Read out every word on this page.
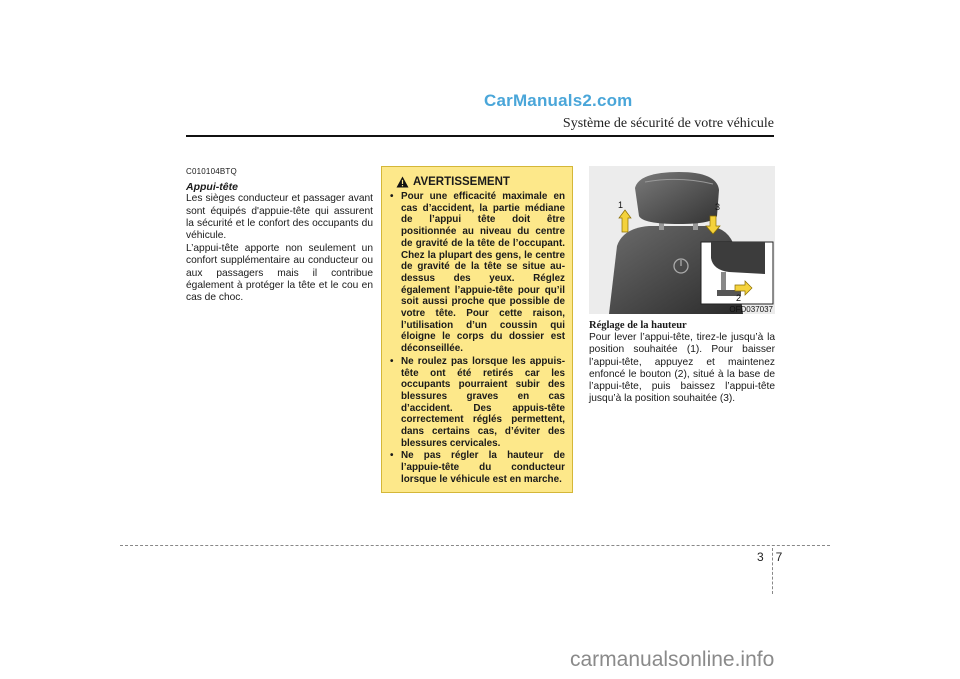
CarManuals2.com
Système de sécurité de votre véhicule
C010104BTQ
Appui-tête

Les sièges conducteur et passager avant sont équipés d'appuie-tête qui assurent la sécurité et le confort des occupants du véhicule.

L’appui-tête apporte non seulement un confort supplémentaire au conducteur ou aux passagers mais il contribue également à protéger la tête et le cou en cas de choc.

AVERTISSEMENT
• Pour une efficacité maximale en cas d’accident, la partie médiane de l’appui tête doit être positionnée au niveau du centre de gravité de la tête de l’occupant. Chez la plupart des gens, le centre de gravité de la tête se situe au-dessus des yeux. Réglez également l’appuie-tête pour qu’il soit aussi proche que possible de votre tête. Pour cette raison, l’utilisation d’un coussin qui éloigne le corps du dossier est déconseillée.
• Ne roulez pas lorsque les appuis-tête ont été retirés car les occupants pourraient subir des blessures graves en cas d’accident. Des appuis-tête correctement réglés permettent, dans certains cas, d’éviter des blessures cervicales.
• Ne pas régler la hauteur de l’appuie-tête du conducteur lorsque le véhicule est en marche.
1
2
3
OFD037037
Réglage de la hauteur
Pour lever l’appui-tête, tirez-le jusqu’à la position souhaitée (1). Pour baisser l’appui-tête, appuyez et maintenez enfoncé le bouton (2), situé à la base de l’appui-tête, puis baissez l’appui-tête jusqu’à la position souhaitée (3).
37
carmanualsonline.info
